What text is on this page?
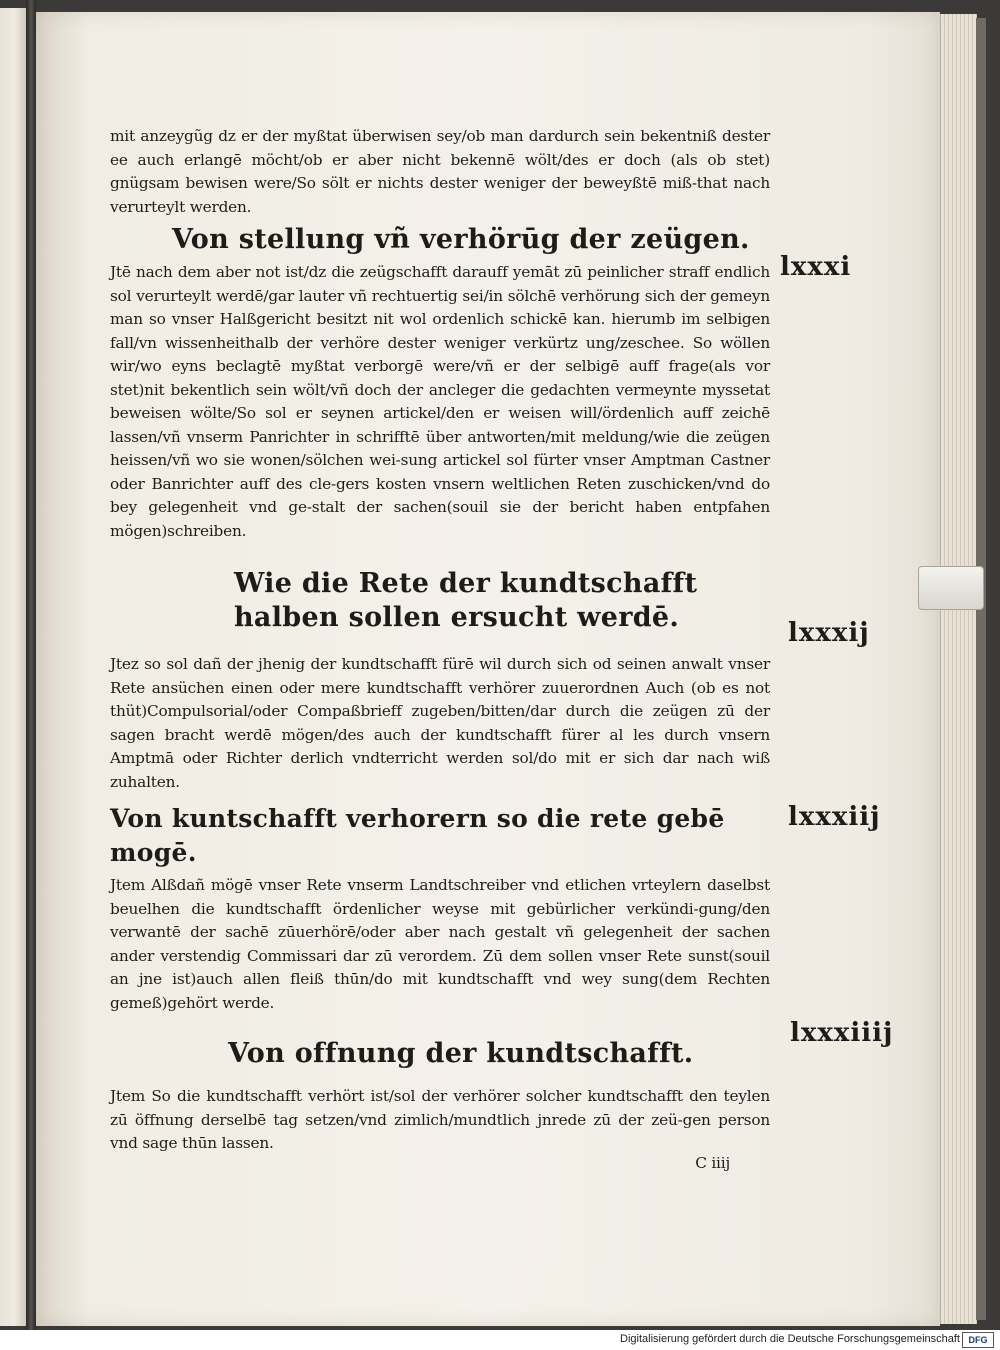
mit anzeygũg dz er der myßtat überwisen sey/ob man dardurch sein bekentniß dester ee auch erlangē möcht/ob er aber nicht bekennē wölt/des er doch (als ob stet) gnügsam bewisen were/So sölt er nichts dester weniger der beweyßtē miß-that nach verurteylt werden.

Von stellung vñ verhörūg der zeügen.

Jtē nach dem aber not ist/dz die zeügschafft darauff yemāt zū peinlicher straff endlich sol verurteylt werdē/gar lauter vñ rechtuertig sei/in sölchē verhörung sich der gemeyn man so vnser Halßgericht besitzt nit wol ordenlich schickē kan. hierumb im selbigen fall/vn wissenheithalb der verhöre dester weniger verkürtz ung/zeschee. So wöllen wir/wo eyns beclagtē myßtat verborgē were/vñ er der selbigē auff frage(als vor stet)nit bekentlich sein wölt/vñ doch der ancleger die gedachten vermeynte myssetat beweisen wölte/So sol er seynen artickel/den er weisen will/ördenlich auff zeichē lassen/vñ vnserm Panrichter in schrifftē über antworten/mit meldung/wie die zeügen heissen/vñ wo sie wonen/sölchen wei-sung artickel sol fürter vnser Amptman Castner oder Banrichter auff des cle-gers kosten vnsern weltlichen Reten zuschicken/vnd do bey gelegenheit vnd ge-stalt der sachen(souil sie der bericht haben entpfahen mögen)schreiben.

Wie die Rete der kundtschafft

halben sollen ersucht werdē.

Jtez so sol dañ der jhenig der kundtschafft fürē wil durch sich od seinen anwalt vnser Rete ansüchen einen oder mere kundtschafft verhörer zuuerordnen Auch (ob es not thüt)Compulsorial/oder Compaßbrieff zugeben/bitten/dar durch die zeügen zū der sagen bracht werdē mögen/des auch der kundtschafft fürer al les durch vnsern Amptmā oder Richter derlich vndterricht werden sol/do mit er sich dar nach wiß zuhalten.

Von kuntschafft verhorern so die rete gebē mogē.

Jtem Alßdañ mögē vnser Rete vnserm Landtschreiber vnd etlichen vrteylern daselbst beuelhen die kundtschafft ördenlicher weyse mit gebürlicher verkündi-gung/den verwantē der sachē zūuerhörē/oder aber nach gestalt vñ gelegenheit der sachen ander verstendig Commissari dar zū verordem. Zū dem sollen vnser Rete sunst(souil an jne ist)auch allen fleiß thūn/do mit kundtschafft vnd wey sung(dem Rechten gemeß)gehört werde.

Von offnung der kundtschafft.

Jtem So die kundtschafft verhört ist/sol der verhörer solcher kundtschafft den teylen zū öffnung derselbē tag setzen/vnd zimlich/mundtlich jnrede zū der zeü-gen person vnd sage thūn lassen.

C iiij

lxxxi
lxxxij
lxxxiij
lxxxiiij
Digitalisierung gefördert durch die Deutsche Forschungsgemeinschaft DFG
